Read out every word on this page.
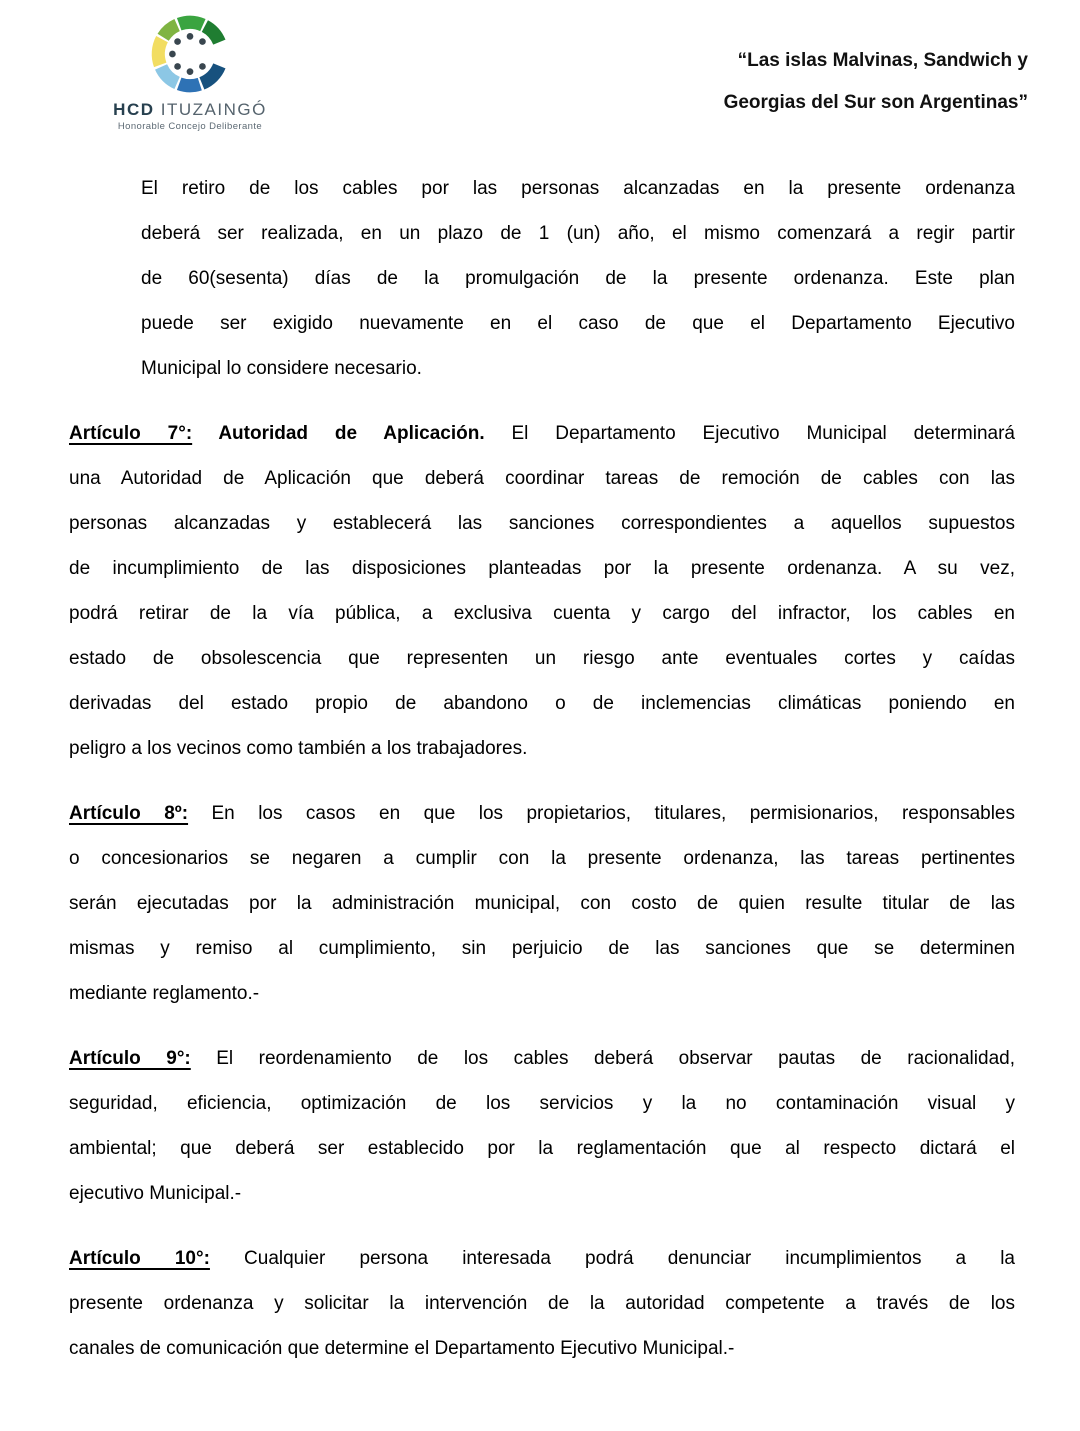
HCD ITUZAINGÓ
Honorable Concejo Deliberante
“Las islas Malvinas, Sandwich y
Georgias del Sur son Argentinas”
El retiro de los cables por las personas alcanzadas en la presente ordenanza
deberá ser realizada, en un plazo de 1 (un) año, el mismo comenzará a regir partir
de 60(sesenta) días de la promulgación de la presente ordenanza. Este plan
puede ser exigido nuevamente en el caso de que el Departamento Ejecutivo
Municipal lo considere necesario.
Artículo 7°: Autoridad de Aplicación. El Departamento Ejecutivo Municipal determinará
una Autoridad de Aplicación que deberá coordinar tareas de remoción de cables con las
personas alcanzadas y establecerá las sanciones correspondientes a aquellos supuestos
de incumplimiento de las disposiciones planteadas por la presente ordenanza. A su vez,
podrá retirar de la vía pública, a exclusiva cuenta y cargo del infractor, los cables en
estado de obsolescencia que representen un riesgo ante eventuales cortes y caídas
derivadas del estado propio de abandono o de inclemencias climáticas poniendo en
peligro a los vecinos como también a los trabajadores.
Artículo 8º: En los casos en que los propietarios, titulares, permisionarios, responsables
o concesionarios se negaren a cumplir con la presente ordenanza, las tareas pertinentes
serán ejecutadas por la administración municipal, con costo de quien resulte titular de las
mismas y remiso al cumplimiento, sin perjuicio de las sanciones que se determinen
mediante reglamento.-
Artículo 9°: El reordenamiento de los cables deberá observar pautas de racionalidad,
seguridad, eficiencia, optimización de los servicios y la no contaminación visual y
ambiental; que deberá ser establecido por la reglamentación que al respecto dictará el
ejecutivo Municipal.-
Artículo 10°: Cualquier persona interesada podrá denunciar incumplimientos a la
presente ordenanza y solicitar la intervención de la autoridad competente a través de los
canales de comunicación que determine el Departamento Ejecutivo Municipal.-
